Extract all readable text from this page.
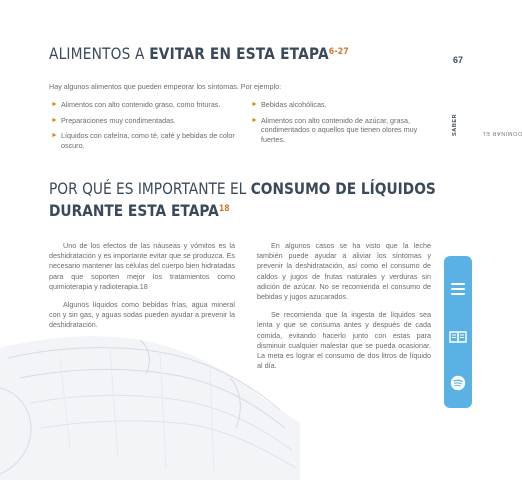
ALIMENTOS A EVITAR EN ESTA ETAPA$^{6-27}$

Hay algunos alimentos que pueden empeorar los síntomas. Por ejemplo:

► Alimentos con alto contenido graso, como frituras.
► Preparaciones muy condimentadas.
► Líquidos con cafeína, como té, café y bebidas de color oscuro.
► Bebidas alcohólicas.
► Alimentos con alto contenido de azúcar, grasa, condimentados o aquellos que tienen olores muy fuertes.
POR QUÉ ES IMPORTANTE EL CONSUMO DE LÍQUIDOS
DURANTE ESTA ETAPA$^{18}$

Uno de los efectos de las náuseas y vómitos es la deshidratación y es importante evitar que se produzca. Es necesario mantener las células del cuerpo bien hidratadas para que soporten mejor los tratamientos como quimioterapia y radioterapia.18

Algunos líquidos como bebidas frías, agua mineral con y sin gas, y aguas sodas pueden ayudar a prevenir la deshidratación.

En algunos casos se ha visto que la leche también puede ayudar a aliviar los síntomas y prevenir la deshidratación, así como el consumo de caldos y jugos de frutas naturales y verduras sin adición de azúcar. No se recomienda el consumo de bebidas y jugos azucarados.

Se recomienda que la ingesta de líquidos sea lenta y que se consuma antes y después de cada comida, evitando hacerlo junto con estas para disminuir cualquier malestar que se pueda ocasionar. La meta es lograr el consumo de dos litros de líquido al día.

67
DOMINAR EL
SABER
